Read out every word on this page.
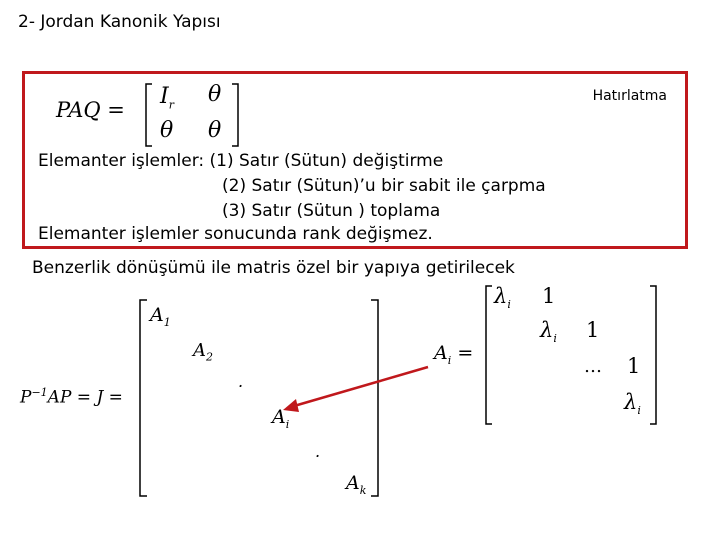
2- Jordan Kanonik Yapısı
Hatırlatma
PAQ =
$I_r$ θ
θ θ
Elemanter işlemler: (1) Satır (Sütun) değiştirme
(2) Satır (Sütun)’u bir sabit ile çarpma
(3) Satır (Sütun ) toplama
Elemanter işlemler sonucunda rank değişmez.
Benzerlik dönüşümü ile matris özel bir yapıya getirilecek
$P^{-1}AP = J$ =
$A_1$
$A_2$
.
$A_i$
.
$A_k$
$A_i$ =
$\lambda_i$ 1
$\lambda_i$ 1
… 1
$\lambda_i$
